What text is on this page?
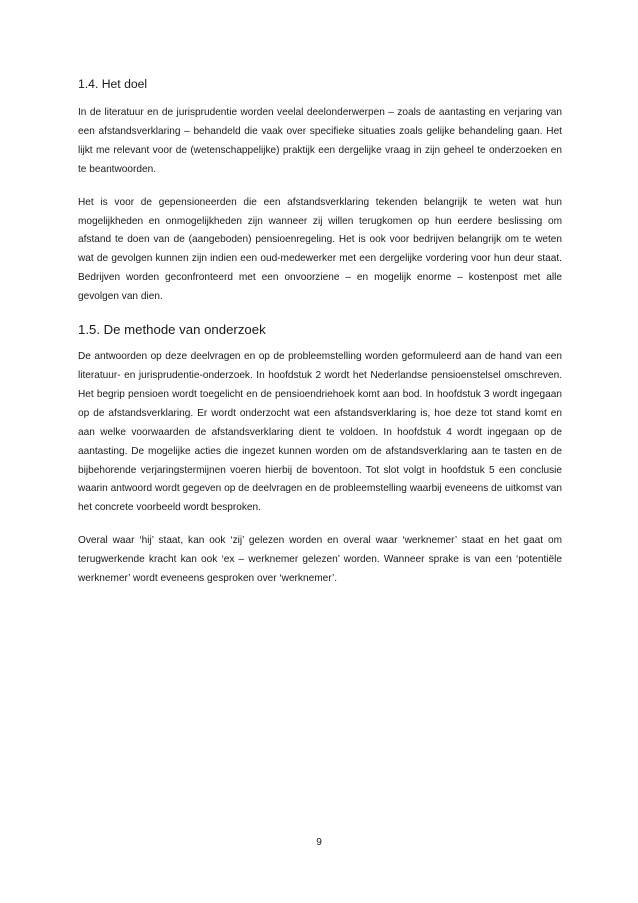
1.4. Het doel

In de literatuur en de jurisprudentie worden veelal deelonderwerpen – zoals de aantasting en verjaring van een afstandsverklaring – behandeld die vaak over specifieke situaties zoals gelijke behandeling gaan. Het lijkt me relevant voor de (wetenschappelijke) praktijk een dergelijke vraag in zijn geheel te onderzoeken en te beantwoorden.

Het is voor de gepensioneerden die een afstandsverklaring tekenden belangrijk te weten wat hun mogelijkheden en onmogelijkheden zijn wanneer zij willen terugkomen op hun eerdere beslissing om afstand te doen van de (aangeboden) pensioenregeling. Het is ook voor bedrijven belangrijk om te weten wat de gevolgen kunnen zijn indien een oud-medewerker met een dergelijke vordering voor hun deur staat. Bedrijven worden geconfronteerd met een onvoorziene – en mogelijk enorme – kostenpost met alle gevolgen van dien.

1.5. De methode van onderzoek

De antwoorden op deze deelvragen en op de probleemstelling worden geformuleerd aan de hand van een literatuur- en jurisprudentie-onderzoek. In hoofdstuk 2 wordt het Nederlandse pensioenstelsel omschreven. Het begrip pensioen wordt toegelicht en de pensioendriehoek komt aan bod. In hoofdstuk 3 wordt ingegaan op de afstandsverklaring. Er wordt onderzocht wat een afstandsverklaring is, hoe deze tot stand komt en aan welke voorwaarden de afstandsverklaring dient te voldoen. In hoofdstuk 4 wordt ingegaan op de aantasting. De mogelijke acties die ingezet kunnen worden om de afstandsverklaring aan te tasten en de bijbehorende verjaringstermijnen voeren hierbij de boventoon. Tot slot volgt in hoofdstuk 5 een conclusie waarin antwoord wordt gegeven op de deelvragen en de probleemstelling waarbij eveneens de uitkomst van het concrete voorbeeld wordt besproken.

Overal waar ‘hij’ staat, kan ook ‘zij’ gelezen worden en overal waar ‘werknemer’ staat en het gaat om terugwerkende kracht kan ook ‘ex – werknemer gelezen’ worden. Wanneer sprake is van een ‘potentiële werknemer’ wordt eveneens gesproken over ‘werknemer’.

9
